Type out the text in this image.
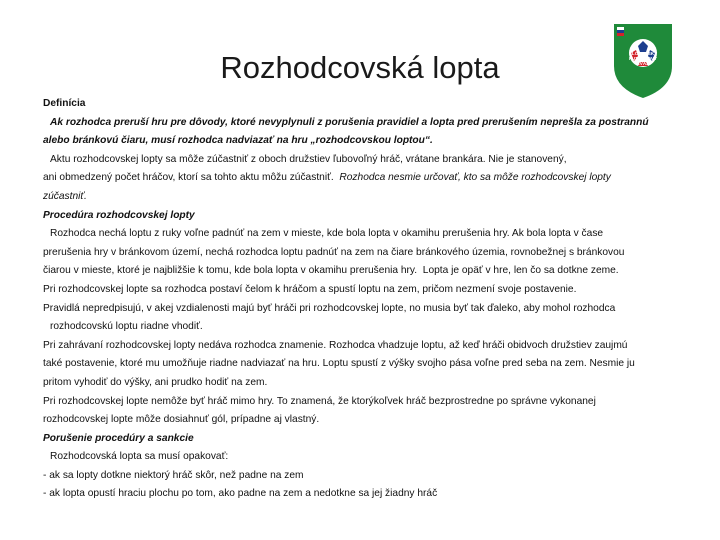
Rozhodcovská lopta	SLOVENSKÝ
FUTBALOVÝ
ZVÄZ

Definícia

Ak rozhodca preruší hru pre dôvody, ktoré nevyplynuli z porušenia pravidiel a lopta pred prerušením neprešla za postrannú

alebo bránkovú čiaru, musí rozhodca nadviazať na hru „rozhodcovskou loptou“.

Aktu rozhodcovskej lopty sa môže zúčastniť z oboch družstiev ľubovoľný hráč, vrátane brankára. Nie je stanovený,

ani obmedzený počet hráčov, ktorí sa tohto aktu môžu zúčastniť. Rozhodca nesmie určovať, kto sa môže rozhodcovskej lopty

zúčastniť.

Procedúra rozhodcovskej lopty

Rozhodca nechá loptu z ruky voľne padnúť na zem v mieste, kde bola lopta v okamihu prerušenia hry. Ak bola lopta v čase

prerušenia hry v bránkovom území, nechá rozhodca loptu padnúť na zem na čiare bránkového územia, rovnobežnej s bránkovou

čiarou v mieste, ktoré je najbližšie k tomu, kde bola lopta v okamihu prerušenia hry. Lopta je opäť v hre, len čo sa dotkne zeme.

Pri rozhodcovskej lopte sa rozhodca postaví čelom k hráčom a spustí loptu na zem, pričom nezmení svoje postavenie.

Pravidlá nepredpisujú, v akej vzdialenosti majú byť hráči pri rozhodcovskej lopte, no musia byť tak ďaleko, aby mohol rozhodca

rozhodcovskú loptu riadne vhodiť.

Pri zahrávaní rozhodcovskej lopty nedáva rozhodca znamenie. Rozhodca vhadzuje loptu, až keď hráči obidvoch družstiev zaujmú

také postavenie, ktoré mu umožňuje riadne nadviazať na hru. Loptu spustí z výšky svojho pása voľne pred seba na zem. Nesmie ju

pritom vyhodiť do výšky, ani prudko hodiť na zem.

Pri rozhodcovskej lopte nemôže byť hráč mimo hry. To znamená, že ktorýkoľvek hráč bezprostredne po správne vykonanej

rozhodcovskej lopte môže dosiahnuť gól, prípadne aj vlastný.

Porušenie procedúry a sankcie

Rozhodcovská lopta sa musí opakovať:

- ak sa lopty dotkne niektorý hráč skôr, než padne na zem

- ak lopta opustí hraciu plochu po tom, ako padne na zem a nedotkne sa jej žiadny hráč
